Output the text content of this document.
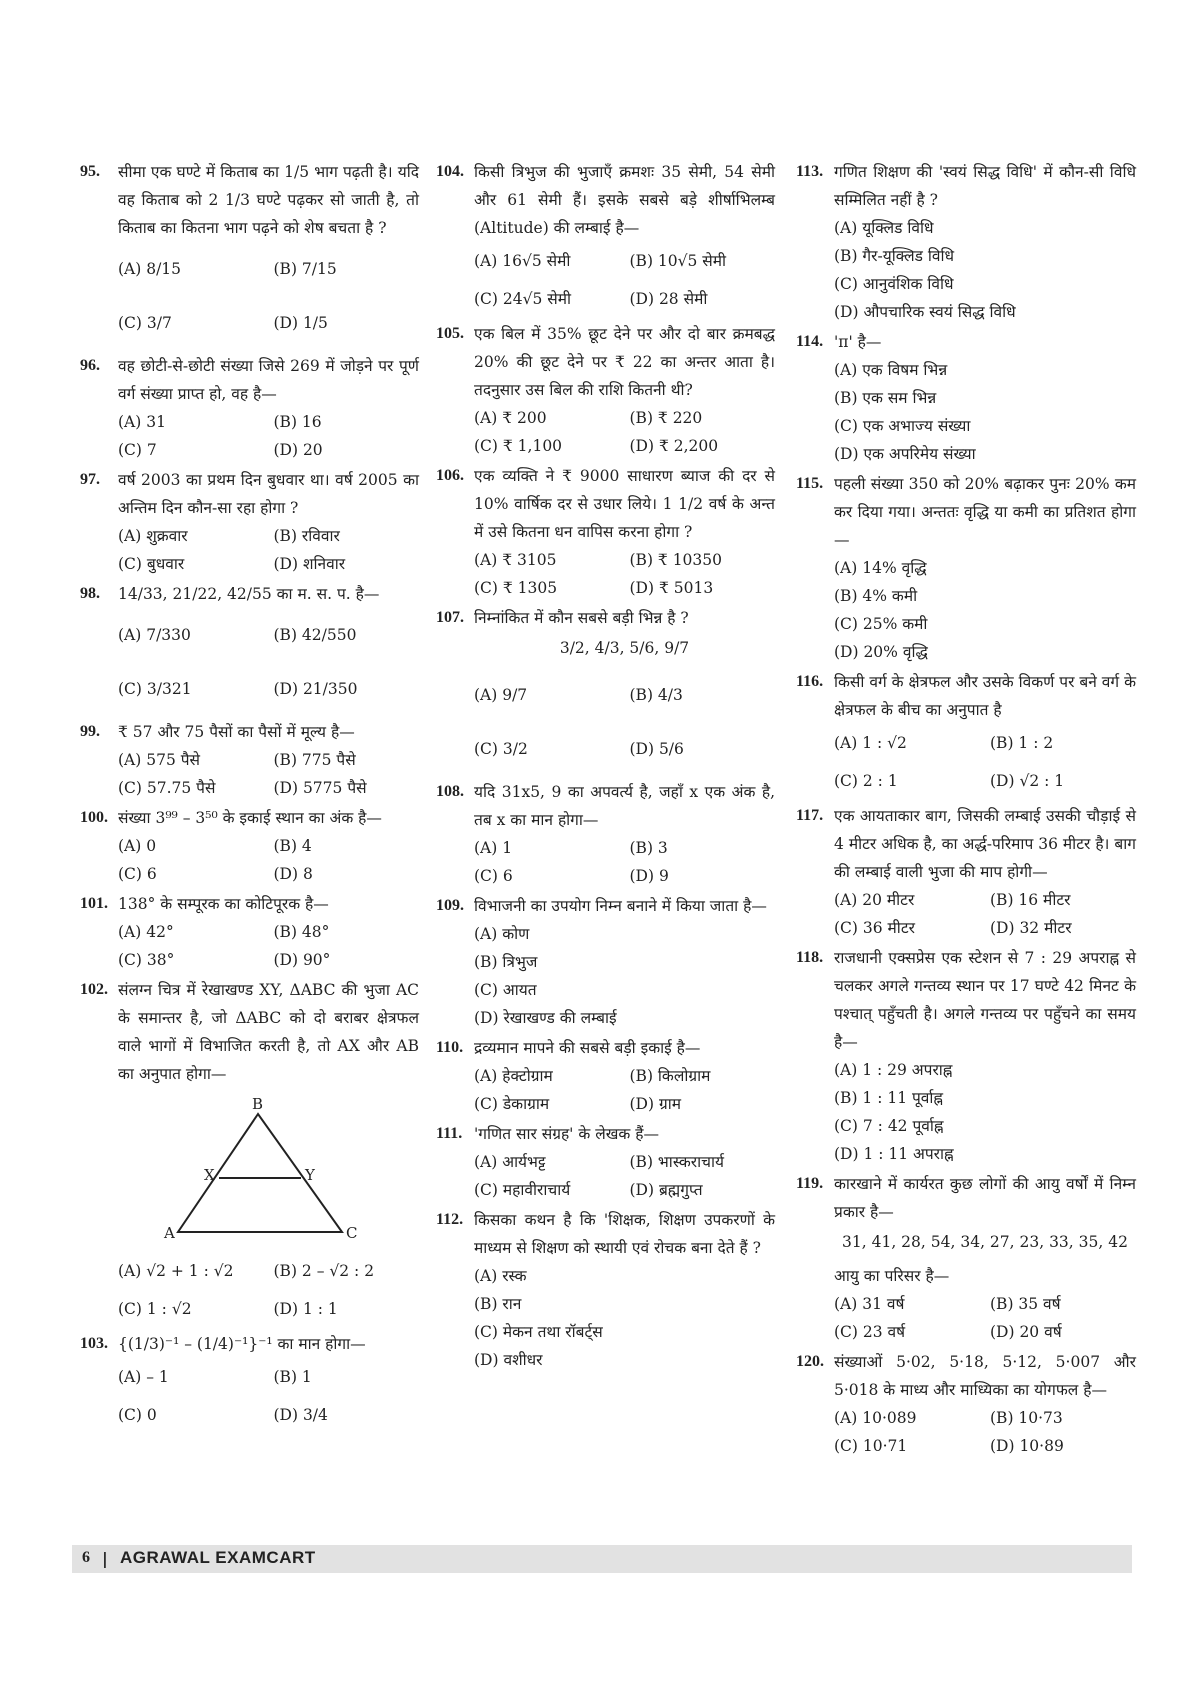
95. सीमा एक घण्टे में किताब का 1/5 भाग पढ़ती है। यदि वह किताब को 2 1/3 घण्टे पढ़कर सो जाती है, तो किताब का कितना भाग पढ़ने को शेष बचता है ?
(A) 8/15	(B) 7/15
(C) 3/7	(D) 1/5
96. वह छोटी-से-छोटी संख्या जिसे 269 में जोड़ने पर पूर्ण वर्ग संख्या प्राप्त हो, वह है—
(A) 31	(B) 16
(C) 7	(D) 20
97. वर्ष 2003 का प्रथम दिन बुधवार था। वर्ष 2005 का अन्तिम दिन कौन-सा रहा होगा ?
(A) शुक्रवार	(B) रविवार
(C) बुधवार	(D) शनिवार
98. 14/33, 21/22, 42/55 का म. स. प. है—
(A) 7/330	(B) 42/550
(C) 3/321	(D) 21/350
99. ₹ 57 और 75 पैसों का पैसों में मूल्य है—
(A) 575 पैसे	(B) 775 पैसे
(C) 57.75 पैसे	(D) 5775 पैसे
100. संख्या 3⁹⁹ – 3⁵⁰ के इकाई स्थान का अंक है—
(A) 0	(B) 4
(C) 6	(D) 8
101. 138° के सम्पूरक का कोटिपूरक है—
(A) 42°	(B) 48°
(C) 38°	(D) 90°
102. संलग्न चित्र में रेखाखण्ड XY, ΔABC की भुजा AC के समान्तर है, जो ΔABC को दो बराबर क्षेत्रफल वाले भागों में विभाजित करती है, तो AX और AB का अनुपात होगा—
B
X	Y
A	C
(A) √2 + 1 : √2	(B) 2 – √2 : 2
(C) 1 : √2	(D) 1 : 1
103. {(1/3)⁻¹ – (1/4)⁻¹}⁻¹ का मान होगा—
(A) – 1	(B) 1
(C) 0	(D) 3/4
104. किसी त्रिभुज की भुजाएँ क्रमशः 35 सेमी, 54 सेमी और 61 सेमी हैं। इसके सबसे बड़े शीर्षाभिलम्ब (Altitude) की लम्बाई है—
(A) 16√5 सेमी	(B) 10√5 सेमी
(C) 24√5 सेमी	(D) 28 सेमी
105. एक बिल में 35% छूट देने पर और दो बार क्रमबद्ध 20% की छूट देने पर ₹ 22 का अन्तर आता है। तदनुसार उस बिल की राशि कितनी थी?
(A) ₹ 200	(B) ₹ 220
(C) ₹ 1,100	(D) ₹ 2,200
106. एक व्यक्ति ने ₹ 9000 साधारण ब्याज की दर से 10% वार्षिक दर से उधार लिये। 1 1/2 वर्ष के अन्त में उसे कितना धन वापिस करना होगा ?
(A) ₹ 3105	(B) ₹ 10350
(C) ₹ 1305	(D) ₹ 5013
107. निम्नांकित में कौन सबसे बड़ी भिन्न है ?
3/2, 4/3, 5/6, 9/7
(A) 9/7	(B) 4/3
(C) 3/2	(D) 5/6
108. यदि 31x5, 9 का अपवर्त्य है, जहाँ x एक अंक है, तब x का मान होगा—
(A) 1	(B) 3
(C) 6	(D) 9
109. विभाजनी का उपयोग निम्न बनाने में किया जाता है—
(A) कोण
(B) त्रिभुज
(C) आयत
(D) रेखाखण्ड की लम्बाई
110. द्रव्यमान मापने की सबसे बड़ी इकाई है—
(A) हेक्टोग्राम	(B) किलोग्राम
(C) डेकाग्राम	(D) ग्राम
111. 'गणित सार संग्रह' के लेखक हैं—
(A) आर्यभट्ट	(B) भास्कराचार्य
(C) महावीराचार्य	(D) ब्रह्मगुप्त
112. किसका कथन है कि 'शिक्षक, शिक्षण उपकरणों के माध्यम से शिक्षण को स्थायी एवं रोचक बना देते हैं ?
(A) रस्क
(B) रान
(C) मेकन तथा रॉबर्ट्स
(D) वशीधर
113. गणित शिक्षण की 'स्वयं सिद्ध विधि' में कौन-सी विधि सम्मिलित नहीं है ?
(A) यूक्लिड विधि
(B) गैर-यूक्लिड विधि
(C) आनुवंशिक विधि
(D) औपचारिक स्वयं सिद्ध विधि
114. 'π' है—
(A) एक विषम भिन्न
(B) एक सम भिन्न
(C) एक अभाज्य संख्या
(D) एक अपरिमेय संख्या
115. पहली संख्या 350 को 20% बढ़ाकर पुनः 20% कम कर दिया गया। अन्ततः वृद्धि या कमी का प्रतिशत होगा—
(A) 14% वृद्धि
(B) 4% कमी
(C) 25% कमी
(D) 20% वृद्धि
116. किसी वर्ग के क्षेत्रफल और उसके विकर्ण पर बने वर्ग के क्षेत्रफल के बीच का अनुपात है
(A) 1 : √2	(B) 1 : 2
(C) 2 : 1	(D) √2 : 1
117. एक आयताकार बाग, जिसकी लम्बाई उसकी चौड़ाई से 4 मीटर अधिक है, का अर्द्ध-परिमाप 36 मीटर है। बाग की लम्बाई वाली भुजा की माप होगी—
(A) 20 मीटर	(B) 16 मीटर
(C) 36 मीटर	(D) 32 मीटर
118. राजधानी एक्सप्रेस एक स्टेशन से 7 : 29 अपराह्न से चलकर अगले गन्तव्य स्थान पर 17 घण्टे 42 मिनट के पश्चात् पहुँचती है। अगले गन्तव्य पर पहुँचने का समय है—
(A) 1 : 29 अपराह्न
(B) 1 : 11 पूर्वाह्न
(C) 7 : 42 पूर्वाह्न
(D) 1 : 11 अपराह्न
119. कारखाने में कार्यरत कुछ लोगों की आयु वर्षों में निम्न प्रकार है—
31, 41, 28, 54, 34, 27, 23, 33, 35, 42
आयु का परिसर है—
(A) 31 वर्ष	(B) 35 वर्ष
(C) 23 वर्ष	(D) 20 वर्ष
120. संख्याओं 5·02, 5·18, 5·12, 5·007 और 5·018 के माध्य और माध्यिका का योगफल है—
(A) 10·089	(B) 10·73
(C) 10·71	(D) 10·89
6 | AGRAWAL EXAMCART
